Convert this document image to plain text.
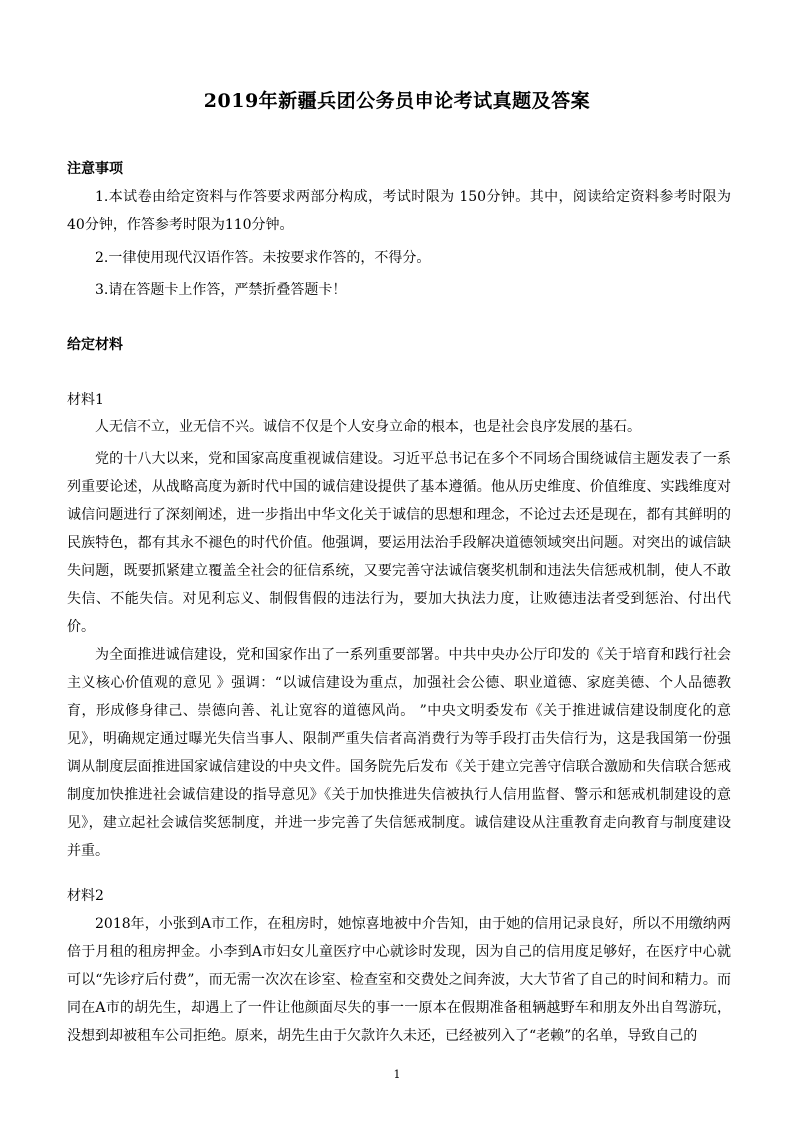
2019年新疆兵团公务员申论考试真题及答案
注意事项

1.本试卷由给定资料与作答要求两部分构成，考试时限为 150分钟。其中，阅读给定资料参考时限为 40分钟，作答参考时限为110分钟。

2.一律使用现代汉语作答。未按要求作答的，不得分。

3.请在答题卡上作答，严禁折叠答题卡！

给定材料
材料1

人无信不立，业无信不兴。诚信不仅是个人安身立命的根本，也是社会良序发展的基石。

党的十八大以来，党和国家高度重视诚信建设。习近平总书记在多个不同场合围绕诚信主题发表了一系列重要论述，从战略高度为新时代中国的诚信建设提供了基本遵循。他从历史维度、价值维度、实践维度对诚信问题进行了深刻阐述，进一步指出中华文化关于诚信的思想和理念，不论过去还是现在，都有其鲜明的民族特色，都有其永不褪色的时代价值。他强调，要运用法治手段解决道德领域突出问题。对突出的诚信缺失问题，既要抓紧建立覆盖全社会的征信系统，又要完善守法诚信褒奖机制和违法失信惩戒机制，使人不敢失信、不能失信。对见利忘义、制假售假的违法行为，要加大执法力度，让败德违法者受到惩治、付出代价。

为全面推进诚信建设，党和国家作出了一系列重要部署。中共中央办公厅印发的《关于培育和践行社会主义核心价值观的意见 》强调：“以诚信建设为重点，加强社会公德、职业道德、家庭美德、个人品德教育，形成修身律己、崇德向善、礼让宽容的道德风尚。 ”中央文明委发布《关于推进诚信建设制度化的意见》，明确规定通过曝光失信当事人、限制严重失信者高消费行为等手段打击失信行为，这是我国第一份强调从制度层面推进国家诚信建设的中央文件。国务院先后发布《关于建立完善守信联合激励和失信联合惩戒制度加快推进社会诚信建设的指导意见》《关于加快推进失信被执行人信用监督、警示和惩戒机制建设的意见》，建立起社会诚信奖惩制度，并进一步完善了失信惩戒制度。诚信建设从注重教育走向教育与制度建设并重。

材料2

2018年，小张到A市工作，在租房时，她惊喜地被中介告知，由于她的信用记录良好，所以不用缴纳两倍于月租的租房押金。小李到A市妇女儿童医疗中心就诊时发现，因为自己的信用度足够好，在医疗中心就可以“先诊疗后付费”，而无需一次次在诊室、检查室和交费处之间奔波，大大节省了自己的时间和精力。而同在A市的胡先生，却遇上了一件让他颜面尽失的事一一原本在假期准备租辆越野车和朋友外出自驾游玩，没想到却被租车公司拒绝。原来，胡先生由于欠款许久未还，已经被列入了“老赖”的名单，导致自己的

1
